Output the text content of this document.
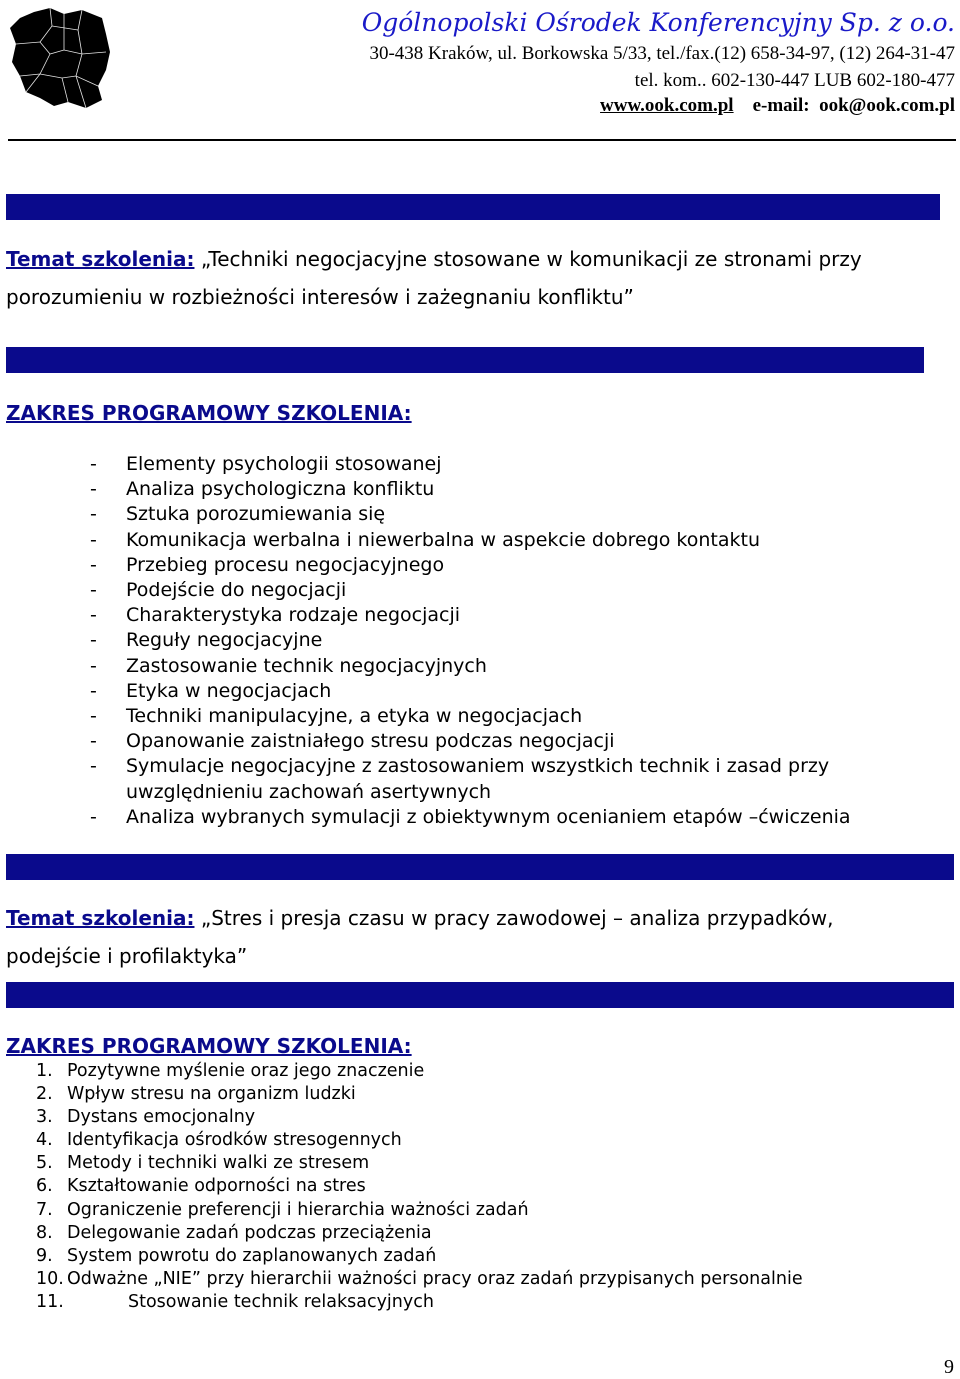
Ogólnopolski Ośrodek Konferencyjny Sp. z o.o.
30-438 Kraków, ul. Borkowska 5/33, tel./fax.(12) 658-34-97, (12) 264-31-47
tel. kom.. 602-130-447 LUB 602-180-477
www.ook.com.pl e-mail: ook@ook.com.pl
Temat szkolenia: „Techniki negocjacyjne stosowane w komunikacji ze stronami przy
porozumieniu w rozbieżności interesów i zażegnaniu konfliktu”
ZAKRES PROGRAMOWY SZKOLENIA:
- Elementy psychologii stosowanej
- Analiza psychologiczna konfliktu
- Sztuka porozumiewania się
- Komunikacja werbalna i niewerbalna w aspekcie dobrego kontaktu
- Przebieg procesu negocjacyjnego
- Podejście do negocjacji
- Charakterystyka rodzaje negocjacji
- Reguły negocjacyjne
- Zastosowanie technik negocjacyjnych
- Etyka w negocjacjach
- Techniki manipulacyjne, a etyka w negocjacjach
- Opanowanie zaistniałego stresu podczas negocjacji
- Symulacje negocjacyjne z zastosowaniem wszystkich technik i zasad przy uwzględnieniu zachowań asertywnych
- Analiza wybranych symulacji z obiektywnym ocenianiem etapów –ćwiczenia
Temat szkolenia: „Stres i presja czasu w pracy zawodowej – analiza przypadków,
podejście i profilaktyka”
ZAKRES PROGRAMOWY SZKOLENIA:
1. Pozytywne myślenie oraz jego znaczenie
2. Wpływ stresu na organizm ludzki
3. Dystans emocjonalny
4. Identyfikacja ośrodków stresogennych
5. Metody i techniki walki ze stresem
6. Kształtowanie odporności na stres
7. Ograniczenie preferencji i hierarchia ważności zadań
8. Delegowanie zadań podczas przeciążenia
9. System powrotu do zaplanowanych zadań
10. Odważne „NIE” przy hierarchii ważności pracy oraz zadań przypisanych personalnie
11.	Stosowanie technik relaksacyjnych
9
